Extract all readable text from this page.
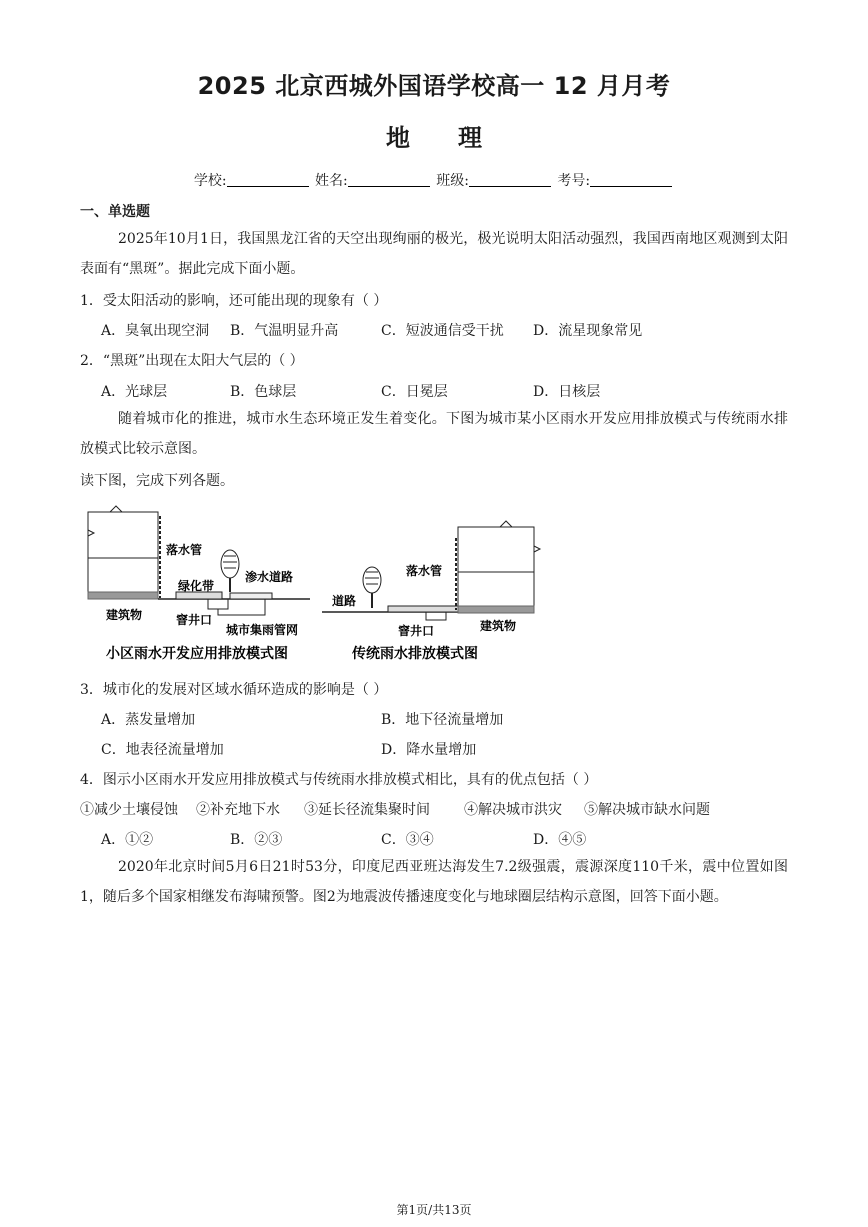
2025 北京西城外国语学校高一 12 月月考
地 理
学校:	姓名:	班级:	考号:
一、单选题
2025年10月1日，我国黑龙江省的天空出现绚丽的极光，极光说明太阳活动强烈，我国西南地区观测到太阳表面有“黑斑”。据此完成下面小题。
1．受太阳活动的影响，还可能出现的现象有（ ）
A．臭氧出现空洞 B．气温明显升高	C．短波通信受干扰 D．流星现象常见
2．“黑斑”出现在太阳大气层的（ ）
A．光球层	B．色球层	C．日冕层	D．日核层
随着城市化的推进，城市水生态环境正发生着变化。下图为城市某小区雨水开发应用排放模式与传统雨水排放模式比较示意图。
读下图，完成下列各题。
落水管
绿化带
渗水道路
建筑物	窨井口
城市集雨管网
小区雨水开发应用排放模式图
落水管
道路
窨井口	建筑物
传统雨水排放模式图
3．城市化的发展对区域水循环造成的影响是（ ）
A．蒸发量增加	B．地下径流量增加
C．地表径流量增加	D．降水量增加
4．图示小区雨水开发应用排放模式与传统雨水排放模式相比，具有的优点包括（ ）
①减少土壤侵蚀 ②补充地下水 ③延长径流集聚时间 ④解决城市洪灾 ⑤解决城市缺水问题
A．①②	B．②③	C．③④	D．④⑤
2020年北京时间5月6日21时53分，印度尼西亚班达海发生7.2级强震，震源深度110千米，震中位置如图1，随后多个国家相继发布海啸预警。图2为地震波传播速度变化与地球圈层结构示意图，回答下面小题。
第1页/共13页
